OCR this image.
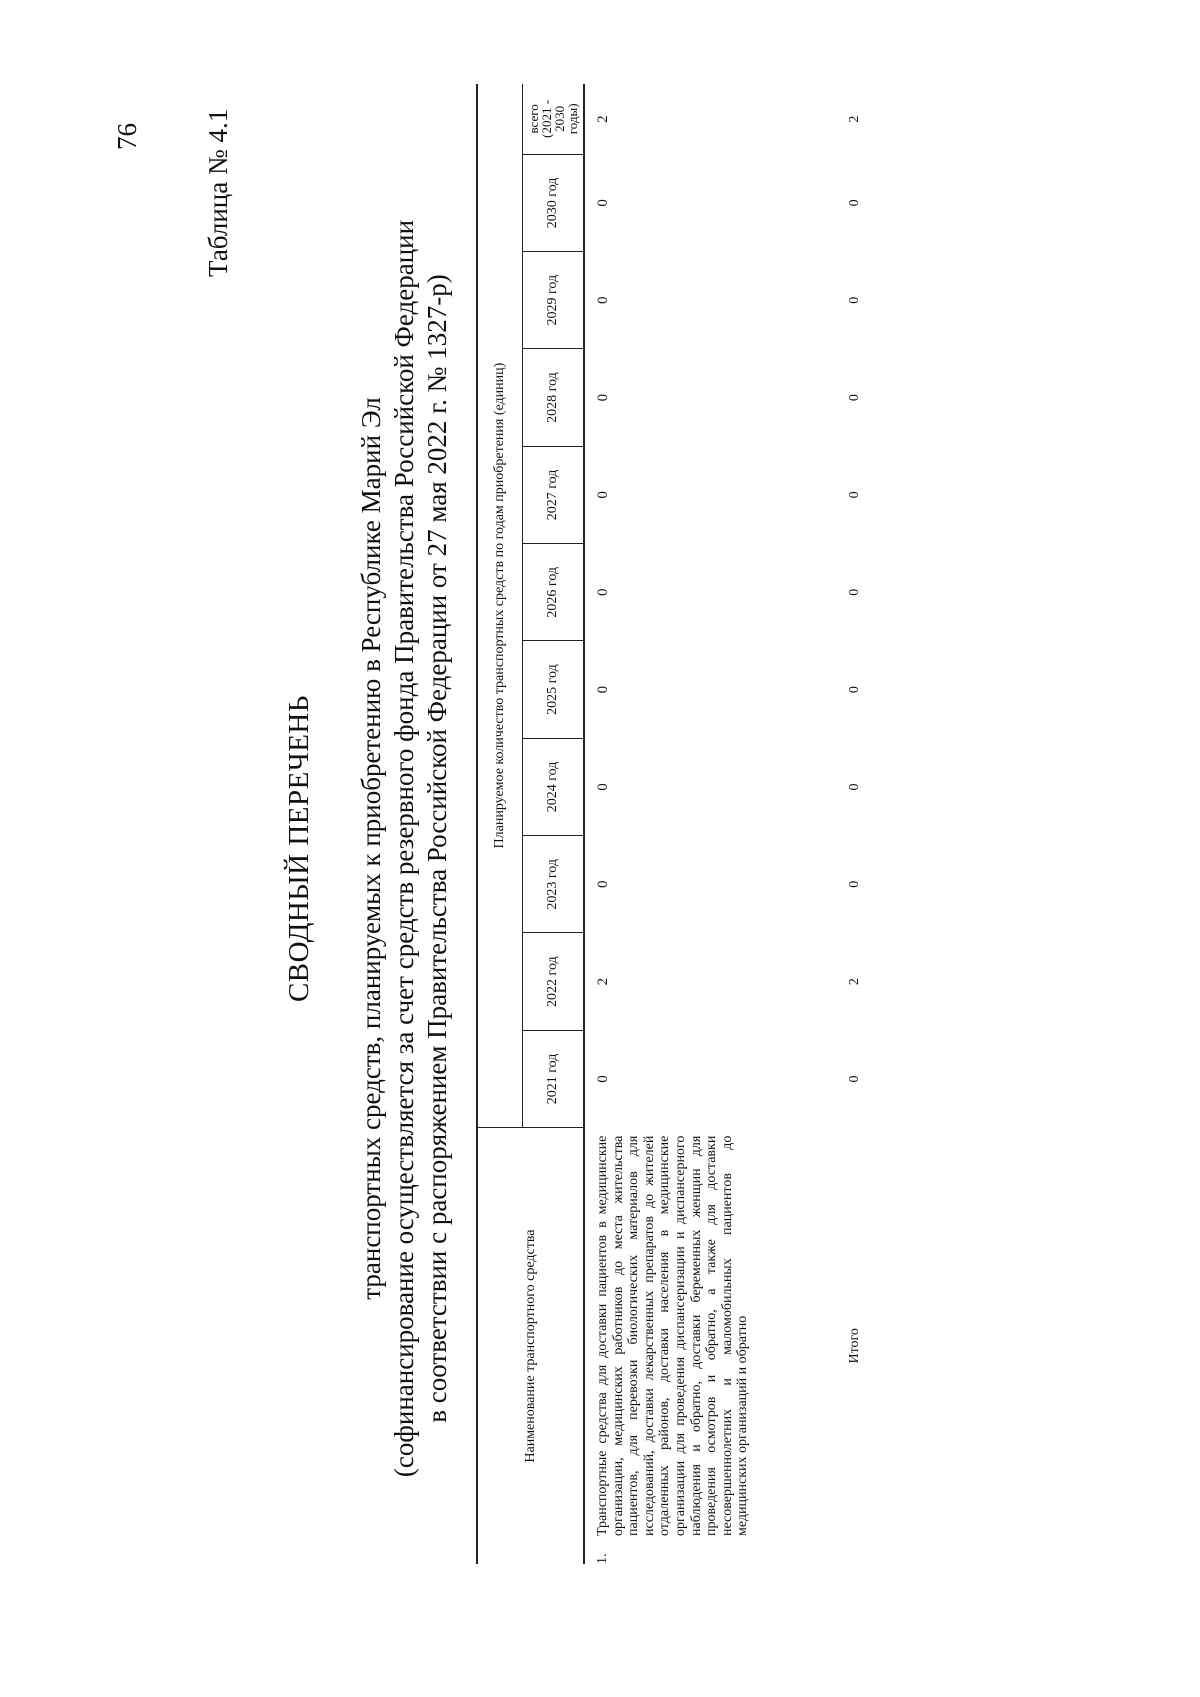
76 Таблица № 4.1
СВОДНЫЙ ПЕРЕЧЕНЬ транспортных средств, планируемых к приобретению в Республике Марий Эл (софинансирование осуществляется за счет средств резервного фонда Правительства Российской Федерации в соответствии с распоряжением Правительства Российской Федерации от 27 мая 2022 г. № 1327-р)	Наименование транспортного средства	Планируемое количество транспортных средств по годам приобретения (единиц)										
	2021 год	2022 год	2023 год	2024 год	2025 год	2026 год	2027 год	2028 год	2029 год	2030 год	всего
(2021 - 2030
годы)

1.
Транспортные средства для доставки пациентов в медицинские организации, медицинских работников до места жительства пациентов, для перевозки биологических материалов для исследований, доставки лекарственных препаратов до жителей отдаленных районов, доставки населения в медицинские организации для проведения диспансеризации и диспансерного наблюдения и обратно, доставки беременных женщин для проведения осмотров и обратно, а также для доставки несовершеннолетних и маломобильных пациентов до медицинских организаций и обратно	0	2	0	0	0	0	0	0	0	0	2
Итого	0	2	0	0	0	0	0	0	0	0	2
